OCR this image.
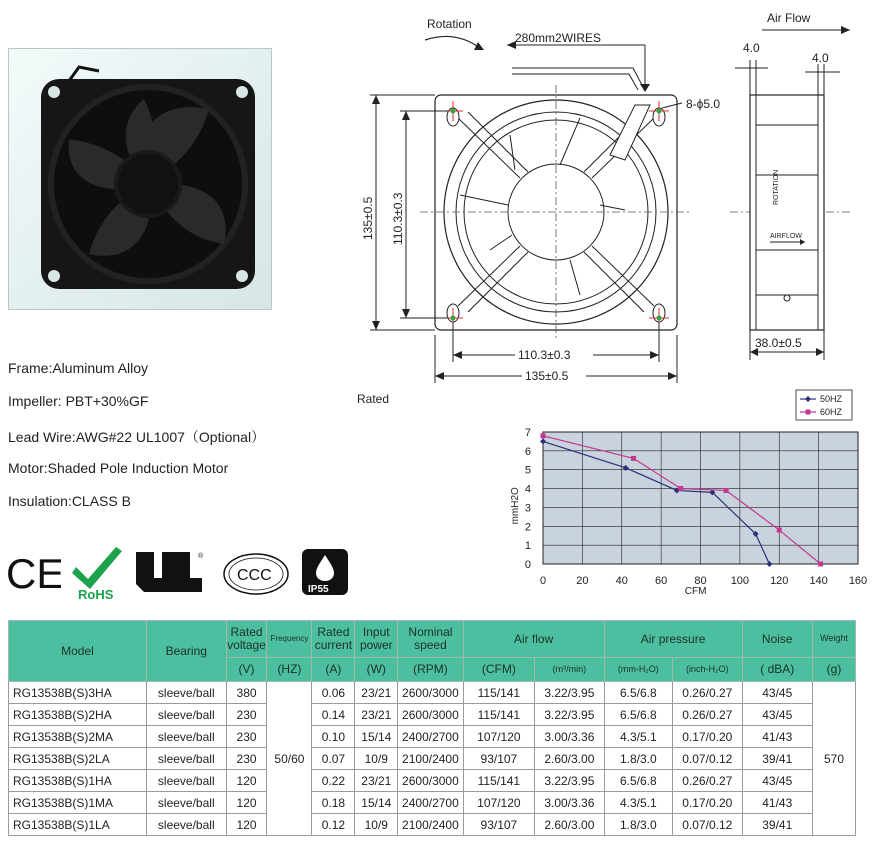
Rotation
280mm2WIRES
8-ϕ5.0
135±0.5 110.3±0.3
110.3±0.3
135±0.5
Air Flow
4.0
4.0
ROTATION
AIRFLOW
38.0±0.5
Frame:Aluminum Alloy
Impeller: PBT+30%GF
Lead Wire:AWG#22 UL1007（Optional）
Motor:Shaded Pole Induction Motor
Insulation:CLASS B
CE RoHS
®
CCC
IP55
Rated
0	20 40 60 80 100 120 140 160
0
1
2
3
4
5
6
7
CFM
mmH2O
50HZ
60HZ
Model	Bearing	Rated voltage	Frequency	Rated current	Input power	Nominal speed	Air flow		Air pressure		Noise	Weight
		(V)	(HZ)	(A)	(W)	(RPM)	(CFM)	(m³/min)	(mm-H₂O)	(inch-H₂O)	( dBA)	(g)
RG13538B(S)3HA	sleeve/ball	380	50/60	0.06	23/21	2600/3000	115/141	3.22/3.95	6.5/6.8	0.26/0.27	43/45	570
RG13538B(S)2HA	sleeve/ball	230		0.14	23/21	2600/3000	115/141	3.22/3.95	6.5/6.8	0.26/0.27	43/45	
RG13538B(S)2MA	sleeve/ball	230		0.10	15/14	2400/2700	107/120	3.00/3.36	4.3/5.1	0.17/0.20	41/43	
RG13538B(S)2LA	sleeve/ball	230		0.07	10/9	2100/2400	93/107	2.60/3.00	1.8/3.0	0.07/0.12	39/41	
RG13538B(S)1HA	sleeve/ball	120		0.22	23/21	2600/3000	115/141	3.22/3.95	6.5/6.8	0.26/0.27	43/45	
RG13538B(S)1MA	sleeve/ball	120		0.18	15/14	2400/2700	107/120	3.00/3.36	4.3/5.1	0.17/0.20	41/43	
RG13538B(S)1LA	sleeve/ball	120		0.12	10/9	2100/2400	93/107	2.60/3.00	1.8/3.0	0.07/0.12	39/41	
